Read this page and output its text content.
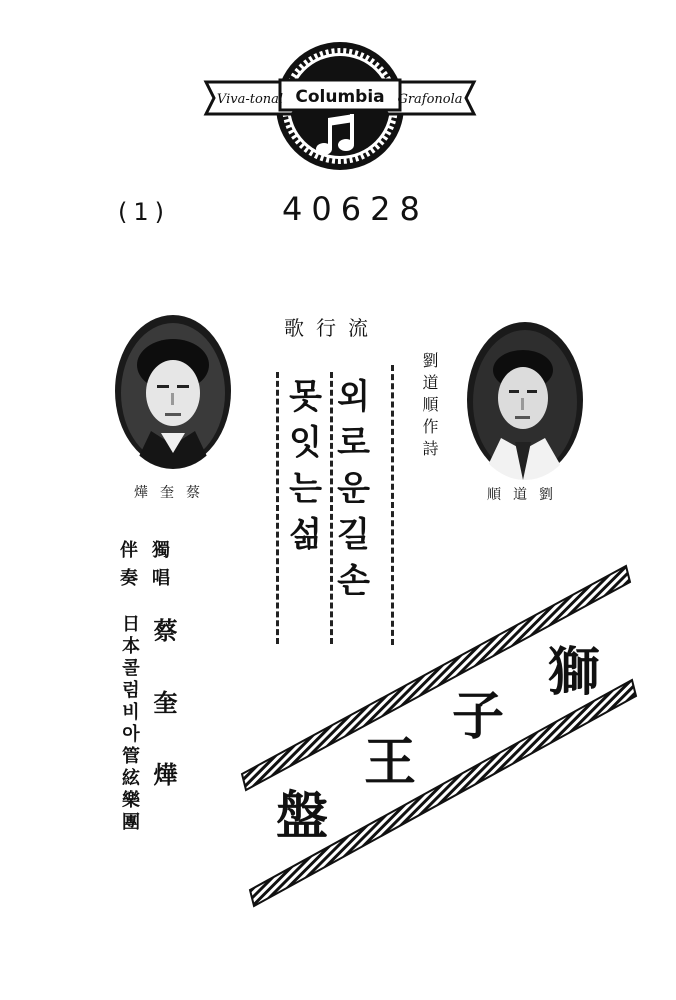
Viva-tonal Columbia Grafonola
(1)	40628
流行歌
蔡奎燁	劉道順
외로운길손
못잇는섦	劉道順作詩
獨唱
蔡奎燁
伴奏
日本콜럼비아管絃樂團	獅
子
王
盤
